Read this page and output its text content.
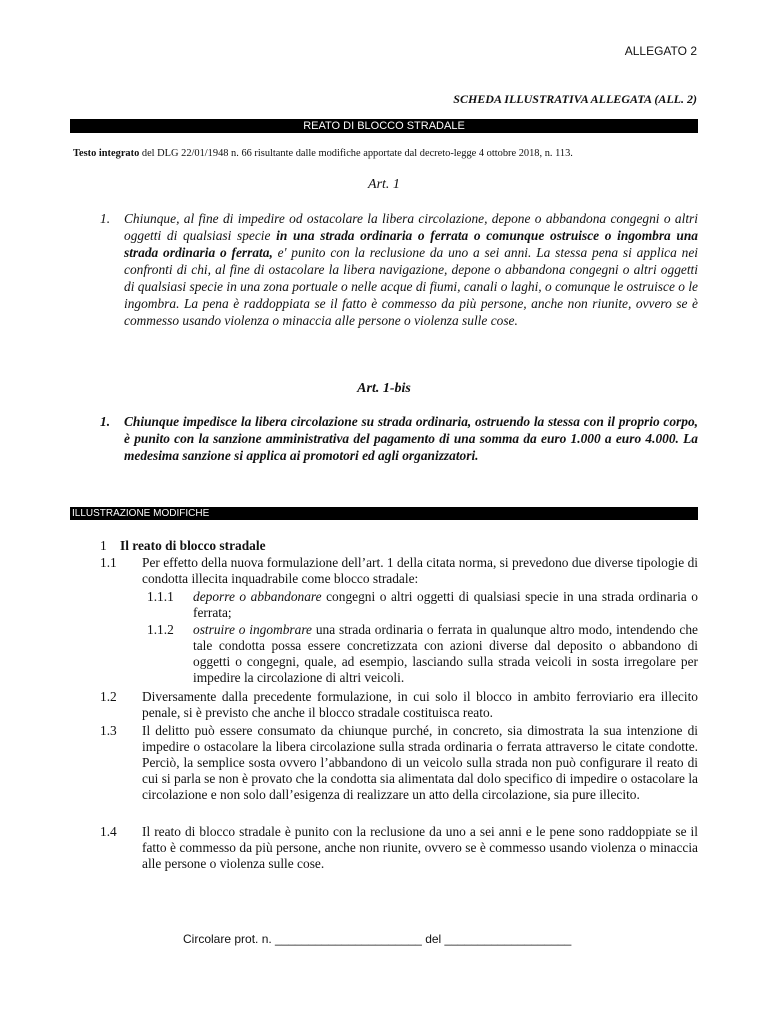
ALLEGATO 2
SCHEDA ILLUSTRATIVA ALLEGATA (ALL. 2)
REATO DI BLOCCO STRADALE
Testo integrato del DLG 22/01/1948 n. 66 risultante dalle modifiche apportate dal decreto-legge 4 ottobre 2018, n. 113.
Art. 1
1. Chiunque, al fine di impedire od ostacolare la libera circolazione, depone o abbandona congegni o altri oggetti di qualsiasi specie in una strada ordinaria o ferrata o comunque ostruisce o ingombra una strada ordinaria o ferrata, e' punito con la reclusione da uno a sei anni. La stessa pena si applica nei confronti di chi, al fine di ostacolare la libera navigazione, depone o abbandona congegni o altri oggetti di qualsiasi specie in una zona portuale o nelle acque di fiumi, canali o laghi, o comunque le ostruisce o le ingombra. La pena è raddoppiata se il fatto è commesso da più persone, anche non riunite, ovvero se è commesso usando violenza o minaccia alle persone o violenza sulle cose.
Art. 1-bis
1. Chiunque impedisce la libera circolazione su strada ordinaria, ostruendo la stessa con il proprio corpo, è punito con la sanzione amministrativa del pagamento di una somma da euro 1.000 a euro 4.000. La medesima sanzione si applica ai promotori ed agli organizzatori.
ILLUSTRAZIONE MODIFICHE
1 Il reato di blocco stradale
1.1 Per effetto della nuova formulazione dell’art. 1 della citata norma, si prevedono due diverse tipologie di condotta illecita inquadrabile come blocco stradale:
1.1.1 deporre o abbandonare congegni o altri oggetti di qualsiasi specie in una strada ordinaria o ferrata;
1.1.2 ostruire o ingombrare una strada ordinaria o ferrata in qualunque altro modo, intendendo che tale condotta possa essere concretizzata con azioni diverse dal deposito o abbandono di oggetti o congegni, quale, ad esempio, lasciando sulla strada veicoli in sosta irregolare per impedire la circolazione di altri veicoli.
1.2 Diversamente dalla precedente formulazione, in cui solo il blocco in ambito ferroviario era illecito penale, si è previsto che anche il blocco stradale costituisca reato.
1.3 Il delitto può essere consumato da chiunque purché, in concreto, sia dimostrata la sua intenzione di impedire o ostacolare la libera circolazione sulla strada ordinaria o ferrata attraverso le citate condotte. Perciò, la semplice sosta ovvero l’abbandono di un veicolo sulla strada non può configurare il reato di cui si parla se non è provato che la condotta sia alimentata dal dolo specifico di impedire o ostacolare la circolazione e non solo dall’esigenza di realizzare un atto della circolazione, sia pure illecito.
1.4 Il reato di blocco stradale è punito con la reclusione da uno a sei anni e le pene sono raddoppiate se il fatto è commesso da più persone, anche non riunite, ovvero se è commesso usando violenza o minaccia alle persone o violenza sulle cose.
Circolare prot. n. ______________________ del ___________________
